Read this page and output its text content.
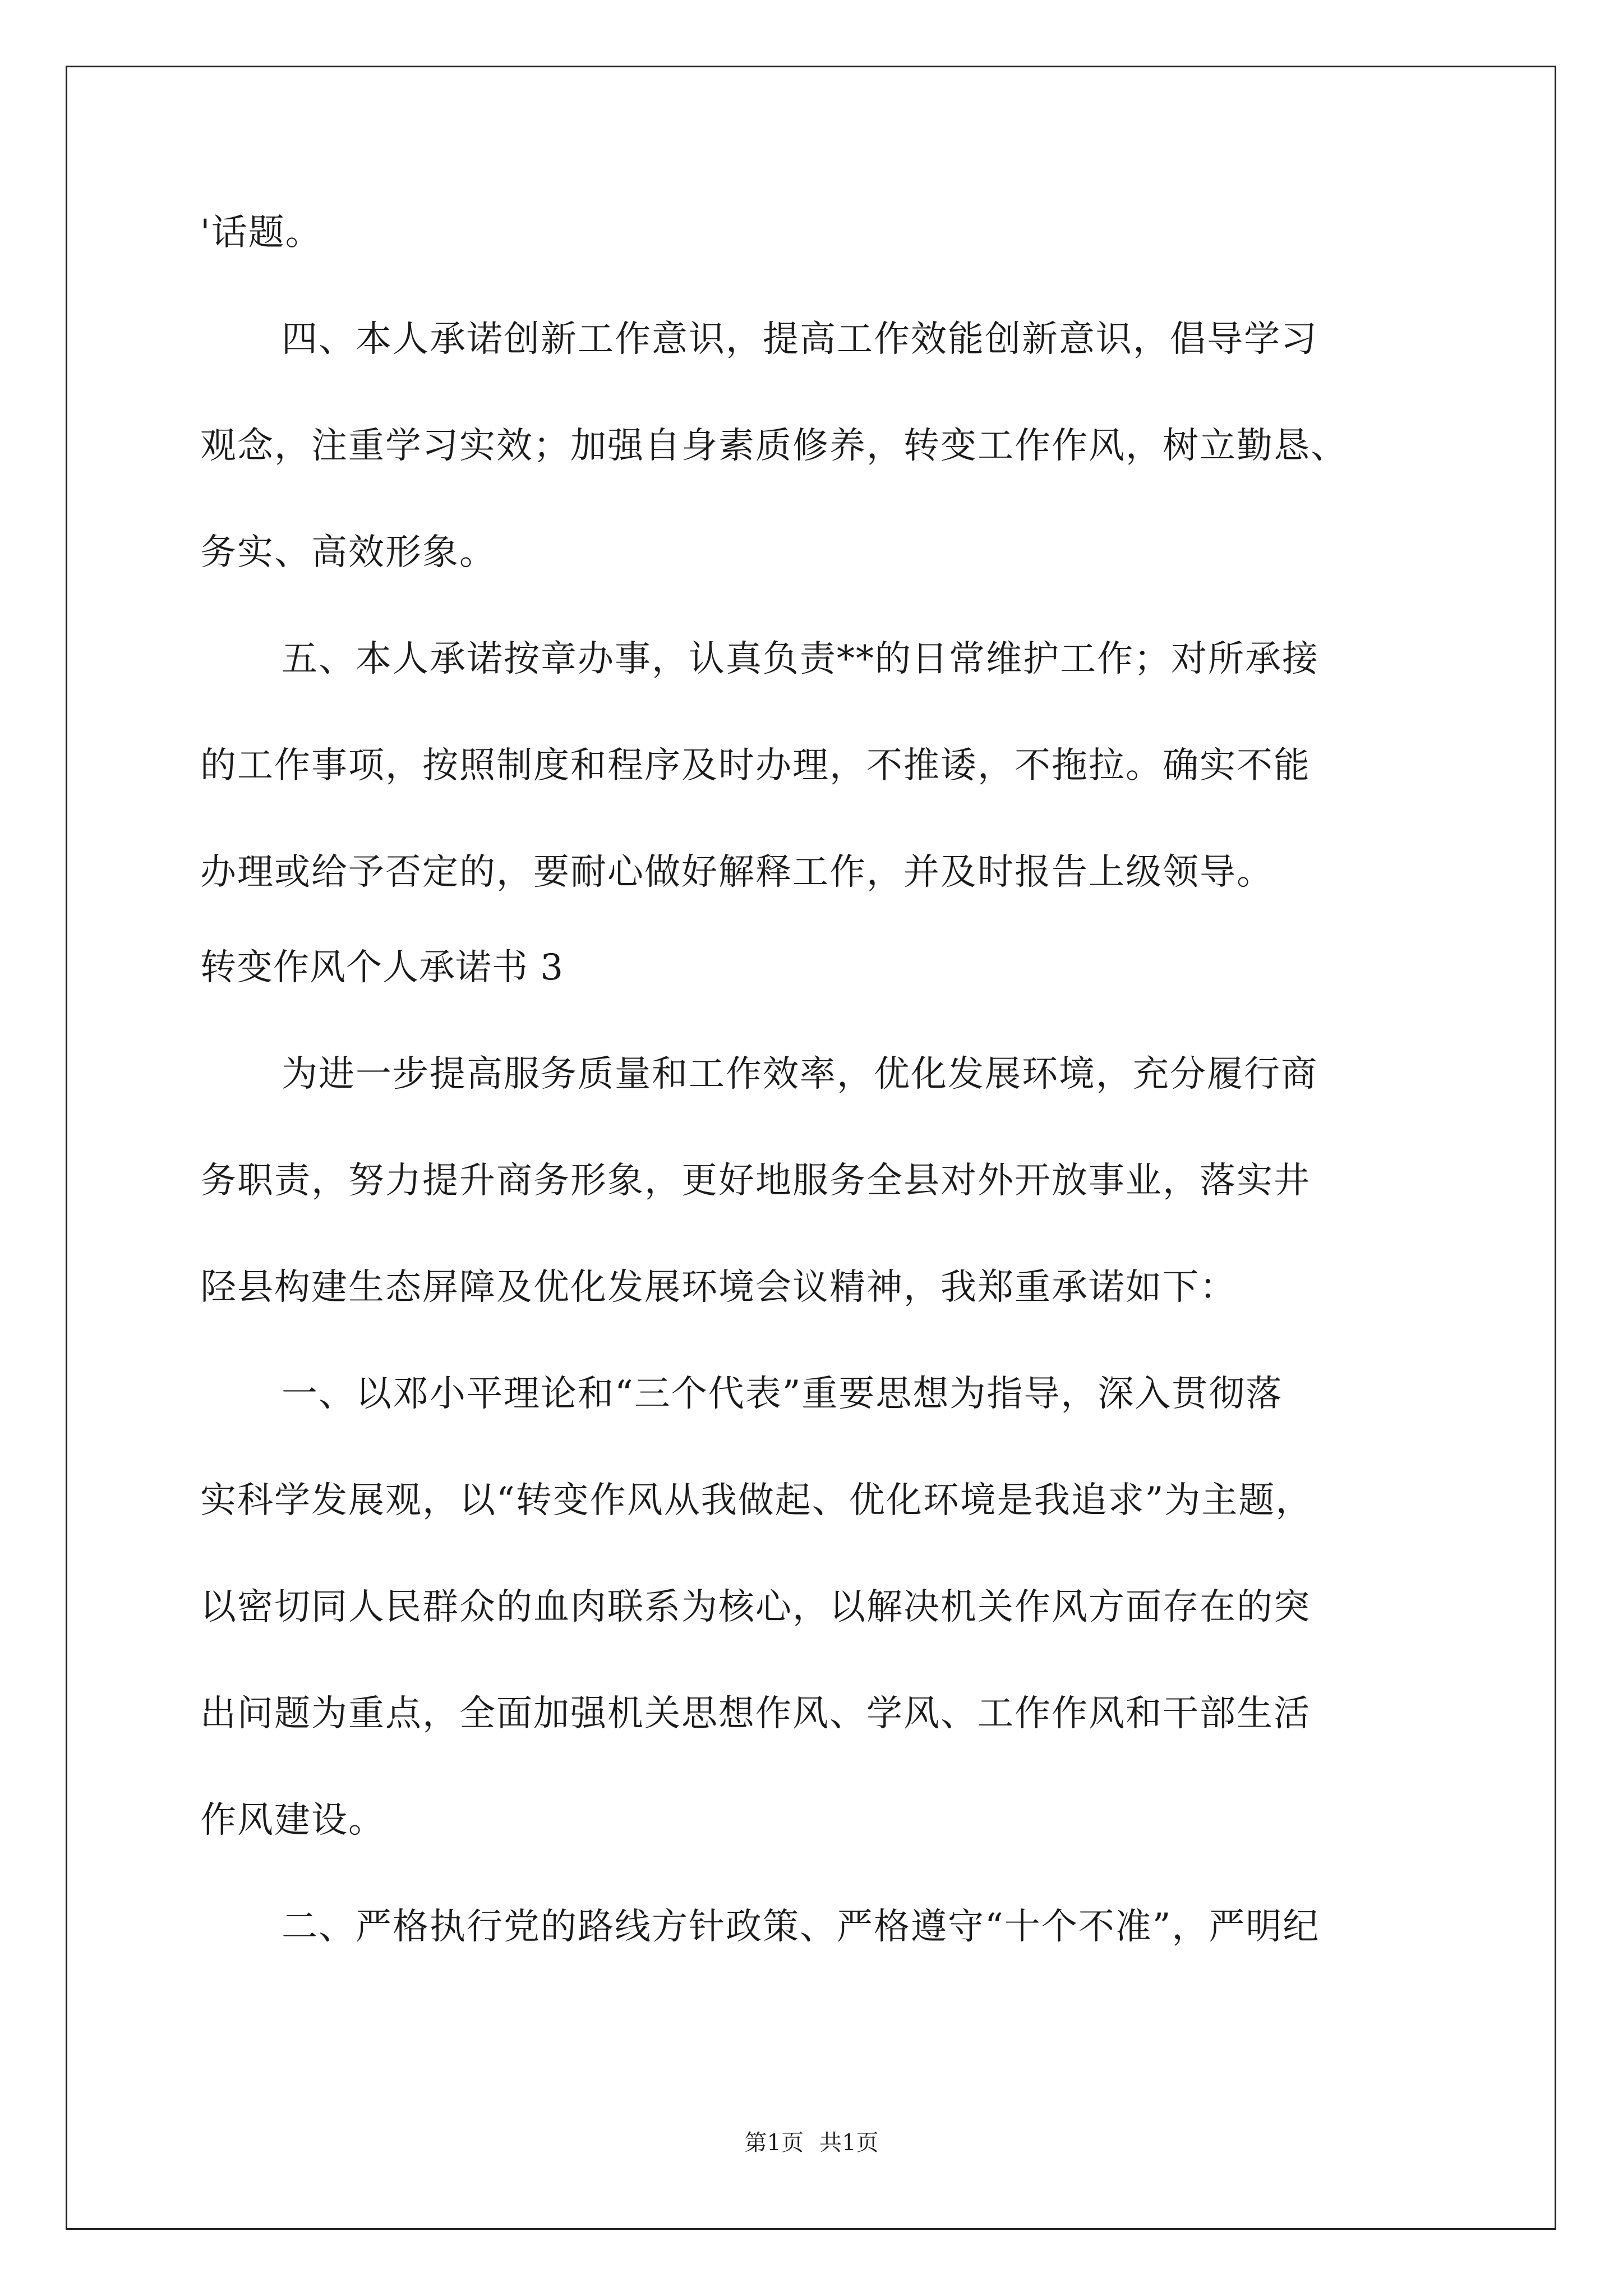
'话题。
四、本人承诺创新工作意识，提高工作效能创新意识，倡导学习
观念，注重学习实效；加强自身素质修养，转变工作作风，树立勤恳、
务实、高效形象。
五、本人承诺按章办事，认真负责**的日常维护工作；对所承接
的工作事项，按照制度和程序及时办理，不推诿，不拖拉。确实不能
办理或给予否定的，要耐心做好解释工作，并及时报告上级领导。
转变作风个人承诺书 3
为进一步提高服务质量和工作效率，优化发展环境，充分履行商
务职责，努力提升商务形象，更好地服务全县对外开放事业，落实井
陉县构建生态屏障及优化发展环境会议精神，我郑重承诺如下：
一、以邓小平理论和“三个代表”重要思想为指导，深入贯彻落
实科学发展观，以“转变作风从我做起、优化环境是我追求”为主题，
以密切同人民群众的血肉联系为核心，以解决机关作风方面存在的突
出问题为重点，全面加强机关思想作风、学风、工作作风和干部生活
作风建设。
二、严格执行党的路线方针政策、严格遵守“十个不准”，严明纪
第1页 共1页
